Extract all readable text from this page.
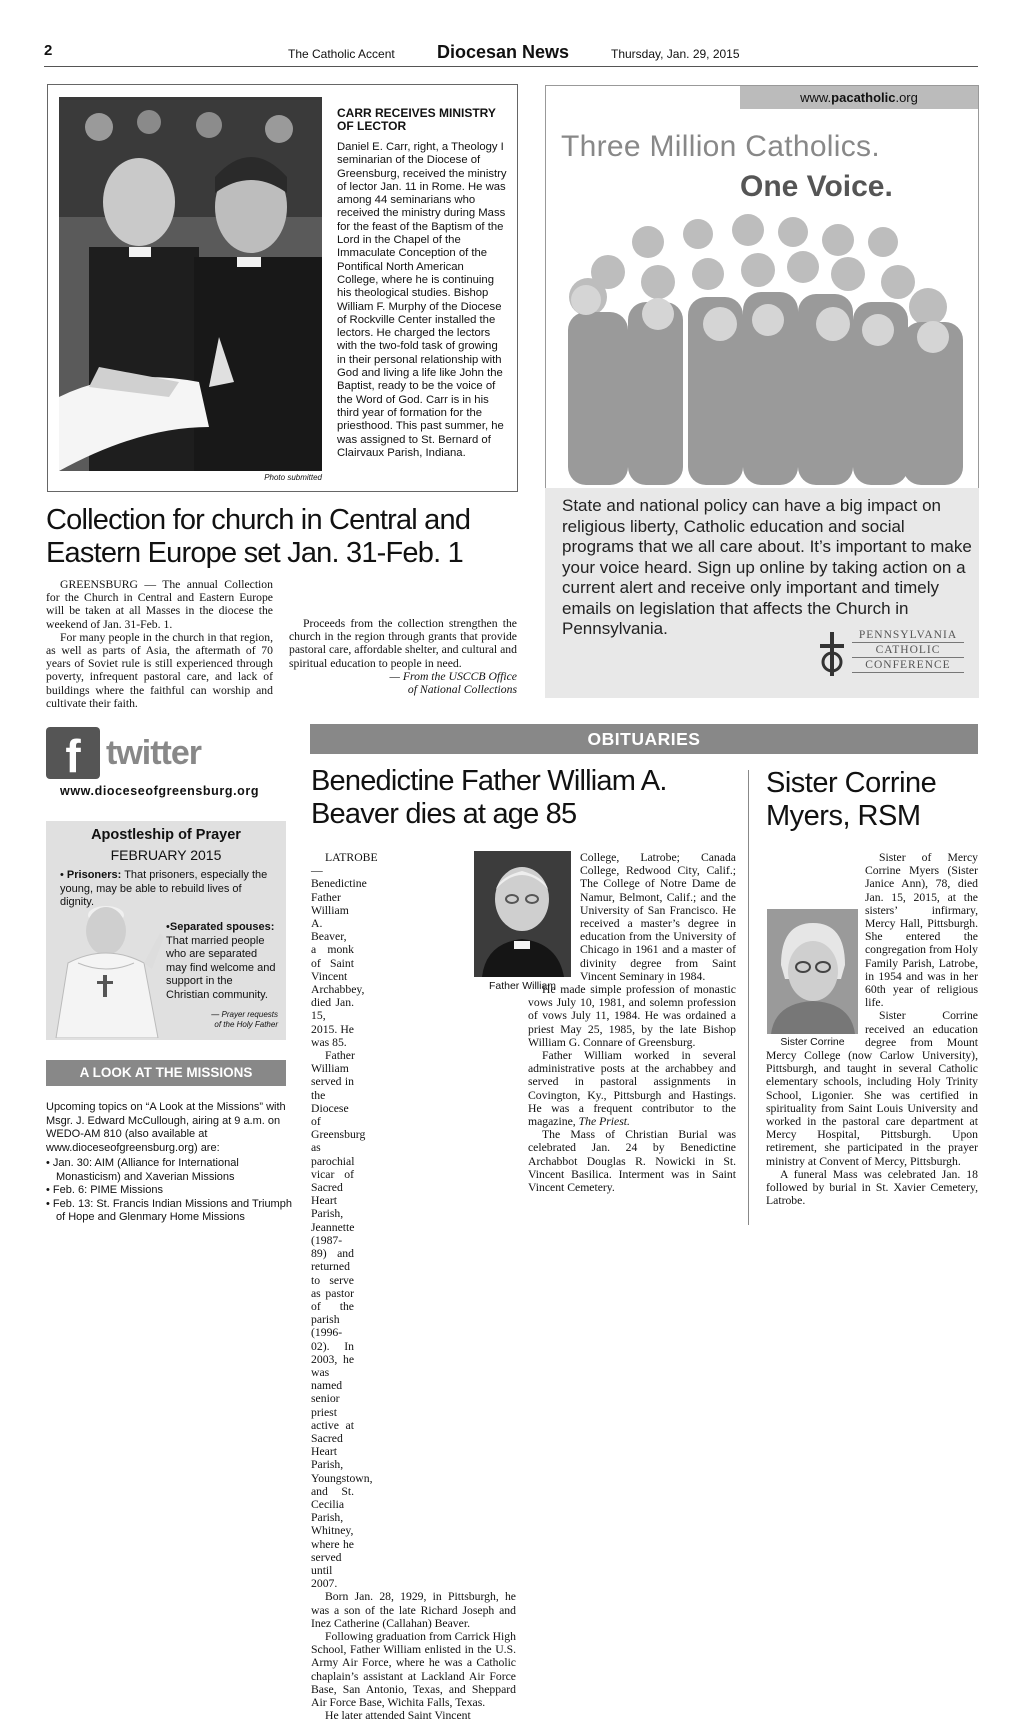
2	The Catholic Accent Diocesan News	Thursday, Jan. 29, 2015
Photo submitted
CARR RECEIVES MINISTRY OF LECTOR
Daniel E. Carr, right, a Theology I seminarian of the Diocese of Greensburg, received the ministry of lector Jan. 11 in Rome. He was among 44 seminarians who received the ministry during Mass for the feast of the Baptism of the Lord in the Chapel of the Immaculate Conception of the Pontifical North American College, where he is continuing his theological studies. Bishop William F. Murphy of the Diocese of Rockville Center installed the lectors. He charged the lectors with the two-fold task of growing in their personal relationship with God and living a life like John the Baptist, ready to be the voice of the Word of God. Carr is in his third year of formation for the priesthood. This past summer, he was assigned to St. Bernard of Clairvaux Parish, Indiana.
Collection for church in Central and Eastern Europe set Jan. 31-Feb. 1

GREENSBURG — The annual Collection for the Church in Central and Eastern Europe will be taken at all Masses in the diocese the weekend of Jan. 31-Feb. 1.

For many people in the church in that region, as well as parts of Asia, the aftermath of 70 years of Soviet rule is still experienced through poverty, infrequent pastoral care, and lack of buildings where the faithful can worship and cultivate their faith.

Proceeds from the collection strengthen the church in the region through grants that provide pastoral care, affordable shelter, and cultural and spiritual education to people in need.

— From the USCCB Office

of National Collections

www.pacatholic.org
Three Million Catholics.
One Voice.
State and national policy can have a big impact on religious liberty, Catholic education and social programs that we all care about. It’s important to make your voice heard. Sign up online by taking action on a current alert and receive only important and timely emails on legislation that affects the Church in Pennsylvania.	PENNSYLVANIA
CATHOLIC
CONFERENCE
f twitter
www.dioceseofgreensburg.org
Apostleship of Prayer
FEBRUARY 2015
• Prisoners: That prisoners, especially the young, may be able to rebuild lives of dignity.
•Separated spouses: That married people who are separated may find welcome and support in the Christian community.
— Prayer requests
of the Holy Father
A LOOK AT THE MISSIONS
Upcoming topics on “A Look at the Missions” with Msgr. J. Edward McCullough, airing at 9 a.m. on WEDO-AM 810 (also available at www.dioceseofgreensburg.org) are:
• Jan. 30: AIM (Alliance for International Monasticism) and Xaverian Missions
• Feb. 6: PIME Missions
• Feb. 13: St. Francis Indian Missions and Triumph of Hope and Glenmary Home Missions
OBITUARIES
Benedictine Father William A. Beaver dies at age 85
Father William

LATROBE — Benedictine Father William A. Beaver, a monk of Saint Vincent Archabbey, died Jan. 15, 2015. He was 85.

Father William served in the Diocese of Greensburg as parochial vicar of Sacred Heart Parish, Jeannette (1987-89) and returned to serve as pastor of the parish (1996-02). In 2003, he was named senior priest active at Sacred Heart Parish, Youngstown, and St. Cecilia Parish, Whitney, where he served until 2007.

Born Jan. 28, 1929, in Pittsburgh, he was a son of the late Richard Joseph and Inez Catherine (Callahan) Beaver.

Following graduation from Carrick High School, Father William enlisted in the U.S. Army Air Force, where he was a Catholic chaplain’s assistant at Lackland Air Force Base, San Antonio, Texas, and Sheppard Air Force Base, Wichita Falls, Texas.

He later attended Saint Vincent

College, Latrobe; Canada College, Redwood City, Calif.; The College of Notre Dame de Namur, Belmont, Calif.; and the University of San Francisco. He received a master’s degree in education from the University of Chicago in 1961 and a master of divinity degree from Saint Vincent Seminary in 1984.

He made simple profession of monastic vows July 10, 1981, and solemn profession of vows July 11, 1984. He was ordained a priest May 25, 1985, by the late Bishop William G. Connare of Greensburg.

Father William worked in several administrative posts at the archabbey and served in pastoral assignments in Covington, Ky., Pittsburgh and Hastings. He was a frequent contributor to the magazine, The Priest.

The Mass of Christian Burial was celebrated Jan. 24 by Benedictine Archabbot Douglas R. Nowicki in St. Vincent Basilica. Interment was in Saint Vincent Cemetery.

Sister Corrine Myers, RSM
Sister Corrine

Sister of Mercy Corrine Myers (Sister Janice Ann), 78, died Jan. 15, 2015, at the sisters’ infirmary, Mercy Hall, Pittsburgh. She entered the congregation from Holy Family Parish, Latrobe, in 1954 and was in her 60th year of religious life.

Sister Corrine received an education degree from Mount Mercy College (now Carlow University), Pittsburgh, and taught in several Catholic elementary schools, including Holy Trinity School, Ligonier. She was certified in spirituality from Saint Louis University and worked in the pastoral care department at Mercy Hospital, Pittsburgh. Upon retirement, she participated in the prayer ministry at Convent of Mercy, Pittsburgh.

A funeral Mass was celebrated Jan. 18 followed by burial in St. Xavier Cemetery, Latrobe.
